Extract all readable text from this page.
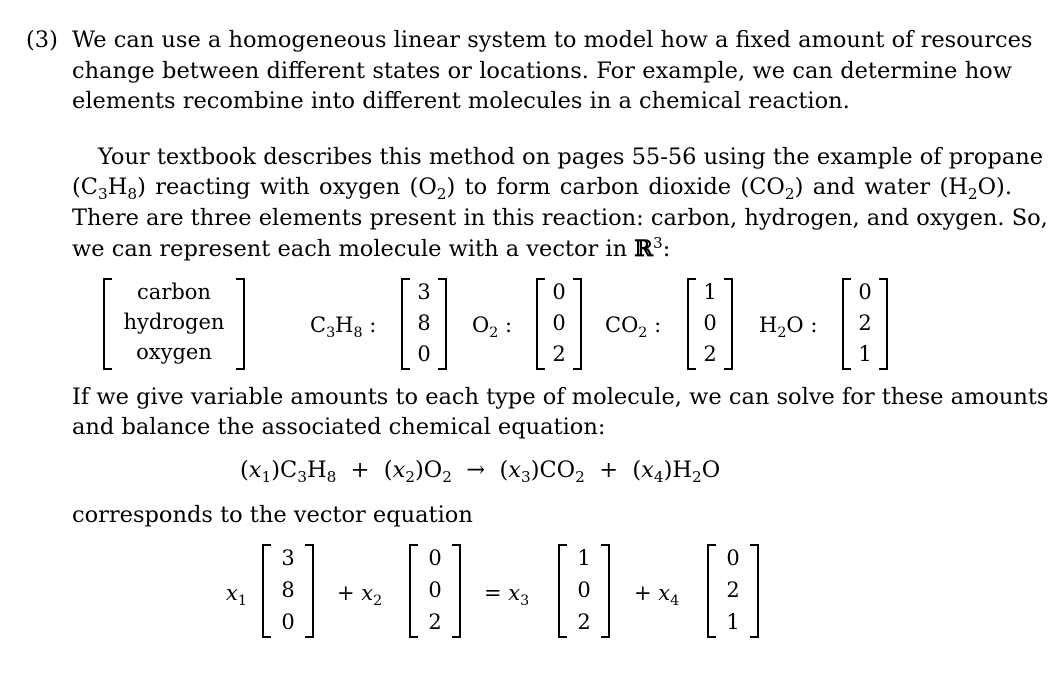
(3) We can use a homogeneous linear system to model how a fixed amount of resources
change between different states or locations. For example, we can determine how
elements recombine into different molecules in a chemical reaction.
Your textbook describes this method on pages 55-56 using the example of propane
$(C_3H_8)$ reacting with oxygen $(O_2)$ to form carbon dioxide $(CO_2)$ and water $(H_2O)$.
There are three elements present in this reaction: carbon, hydrogen, and oxygen. So,
we can represent each molecule with a vector in ℝ$^3$:
carbon
hydrogen
oxygen
$C_3H_8$ :
3
8
0
$O_2$ :
0
0
2
$CO_2$ :
1
0
2
$H_2O$ :
0
2
1
If we give variable amounts to each type of molecule, we can solve for these amounts
and balance the associated chemical equation:
$(x_1)C_3H_8 + (x_2)O_2 \to (x_3)CO_2 + (x_4)H_2O$
corresponds to the vector equation
$x_1$
3
8
0
+ $x_2$
0
0
2
= $x_3$
1
0
2
+ $x_4$
0
2
1
